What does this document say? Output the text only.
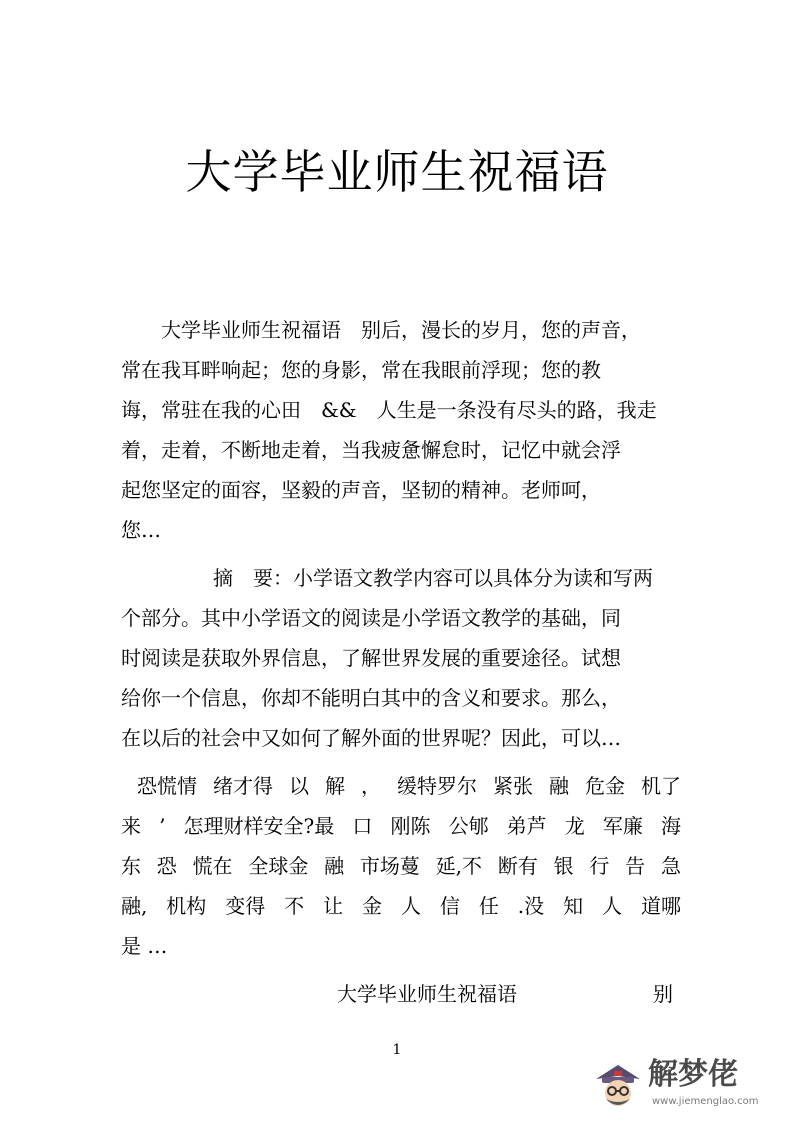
大学毕业师生祝福语
大学毕业师生祝福语　别后，漫长的岁月，您的声音，
常在我耳畔响起；您的身影，常在我眼前浮现；您的教
诲，常驻在我的心田　&&　人生是一条没有尽头的路，我走
着，走着，不断地走着，当我疲惫懈怠时，记忆中就会浮
起您坚定的面容，坚毅的声音，坚韧的精神。老师呵，
您…
摘　要：小学语文教学内容可以具体分为读和写两
个部分。其中小学语文的阅读是小学语文教学的基础，同
时阅读是获取外界信息，了解世界发展的重要途径。试想
给你一个信息，你却不能明白其中的含义和要求。那么，
在以后的社会中又如何了解外面的世界呢？因此，可以…
恐慌情 绪才得 以 解 ， 缓特罗尔 紧张 融 危金 机了
来 ’ 怎理财样安全?最 口 刚陈 公郇 弟芦 龙 军廉 海
东 恐 慌在 全球金 融 市场蔓 延,不 断有 银 行 告 急
融, 机构 变得 不 让 金 人 信 任 .没 知 人 道哪
是 …
大学毕业师生祝福语	别
1
解梦佬
www.jiemenglao.com
